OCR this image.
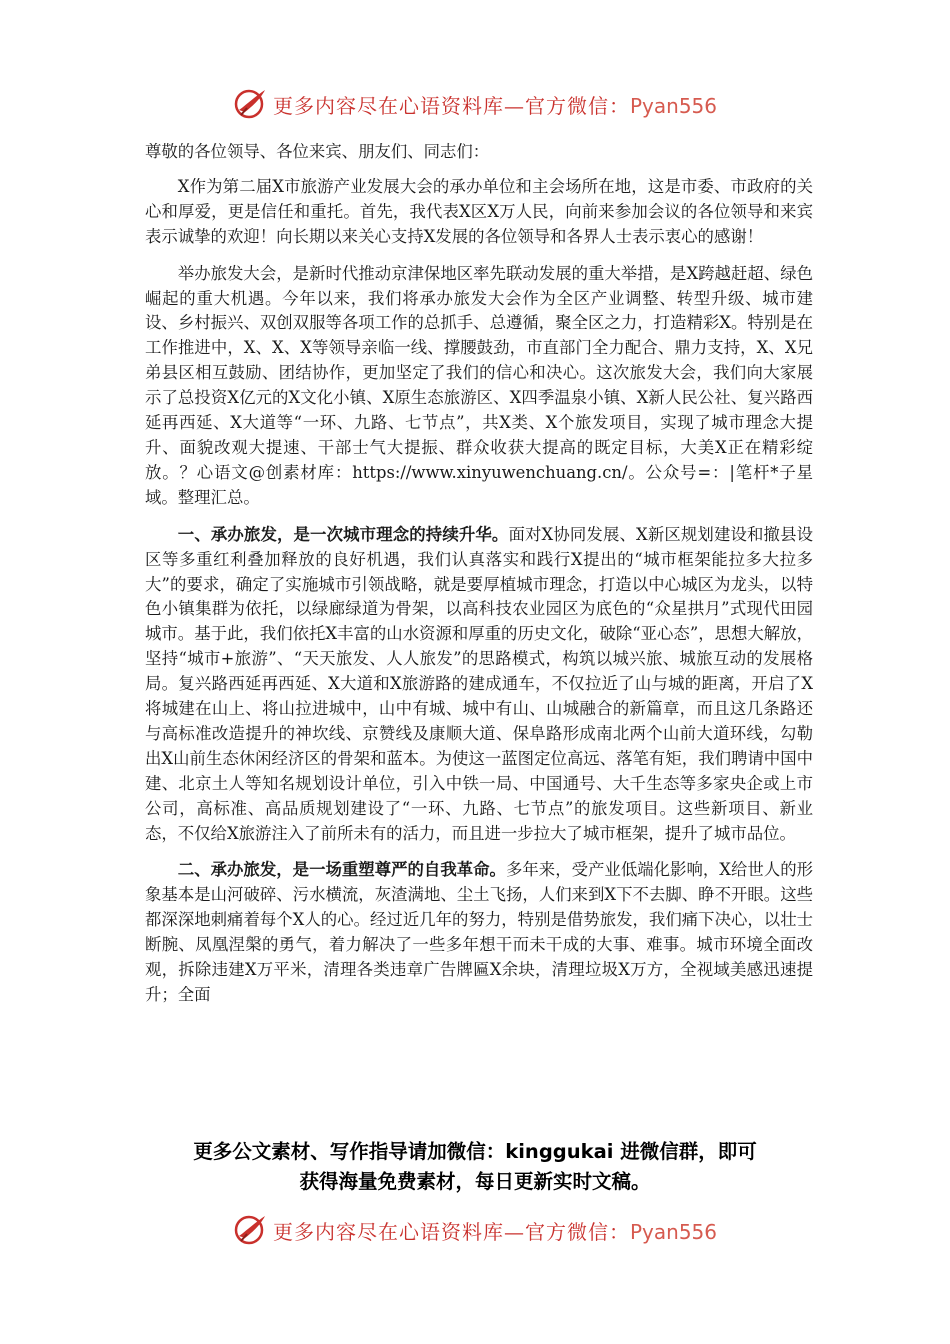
更多内容尽在心语资料库—官方微信：Pyan556

尊敬的各位领导、各位来宾、朋友们、同志们：

X作为第二届X市旅游产业发展大会的承办单位和主会场所在地，这是市委、市政府的关心和厚爱，更是信任和重托。首先，我代表X区X万人民，向前来参加会议的各位领导和来宾表示诚挚的欢迎！向长期以来关心支持X发展的各位领导和各界人士表示衷心的感谢！

举办旅发大会，是新时代推动京津保地区率先联动发展的重大举措，是X跨越赶超、绿色崛起的重大机遇。今年以来，我们将承办旅发大会作为全区产业调整、转型升级、城市建设、乡村振兴、双创双服等各项工作的总抓手、总遵循，聚全区之力，打造精彩X。特别是在工作推进中，X、X、X等领导亲临一线、撑腰鼓劲，市直部门全力配合、鼎力支持，X、X兄弟县区相互鼓励、团结协作，更加坚定了我们的信心和决心。这次旅发大会，我们向大家展示了总投资X亿元的X文化小镇、X原生态旅游区、X四季温泉小镇、X新人民公社、复兴路西延再西延、X大道等“一环、九路、七节点”，共X类、X个旅发项目，实现了城市理念大提升、面貌改观大提速、干部士气大提振、群众收获大提高的既定目标，大美X正在精彩绽放。？心语文@创素材库：https://www.xinyuwenchuang.cn/。公众号=：|笔杆*子星域。整理汇总。

一、承办旅发，是一次城市理念的持续升华。面对X协同发展、X新区规划建设和撤县设区等多重红利叠加释放的良好机遇，我们认真落实和践行X提出的“城市框架能拉多大拉多大”的要求，确定了实施城市引领战略，就是要厚植城市理念，打造以中心城区为龙头，以特色小镇集群为依托，以绿廊绿道为骨架，以高科技农业园区为底色的“众星拱月”式现代田园城市。基于此，我们依托X丰富的山水资源和厚重的历史文化，破除“亚心态”，思想大解放，坚持“城市+旅游”、“天天旅发、人人旅发”的思路模式，构筑以城兴旅、城旅互动的发展格局。复兴路西延再西延、X大道和X旅游路的建成通车，不仅拉近了山与城的距离，开启了X将城建在山上、将山拉进城中，山中有城、城中有山、山城融合的新篇章，而且这几条路还与高标准改造提升的神坎线、京赞线及康顺大道、保阜路形成南北两个山前大道环线，勾勒出X山前生态休闲经济区的骨架和蓝本。为使这一蓝图定位高远、落笔有矩，我们聘请中国中建、北京土人等知名规划设计单位，引入中铁一局、中国通号、大千生态等多家央企或上市公司，高标准、高品质规划建设了“一环、九路、七节点”的旅发项目。这些新项目、新业态，不仅给X旅游注入了前所未有的活力，而且进一步拉大了城市框架，提升了城市品位。

二、承办旅发，是一场重塑尊严的自我革命。多年来，受产业低端化影响，X给世人的形象基本是山河破碎、污水横流，灰渣满地、尘土飞扬，人们来到X下不去脚、睁不开眼。这些都深深地刺痛着每个X人的心。经过近几年的努力，特别是借势旅发，我们痛下决心，以壮士断腕、凤凰涅槃的勇气，着力解决了一些多年想干而未干成的大事、难事。城市环境全面改观，拆除违建X万平米，清理各类违章广告牌匾X余块，清理垃圾X万方，全视域美感迅速提升；全面

更多公文素材、写作指导请加微信：kinggukai 进微信群，即可
获得海量免费素材，每日更新实时文稿。
更多内容尽在心语资料库—官方微信：Pyan556
